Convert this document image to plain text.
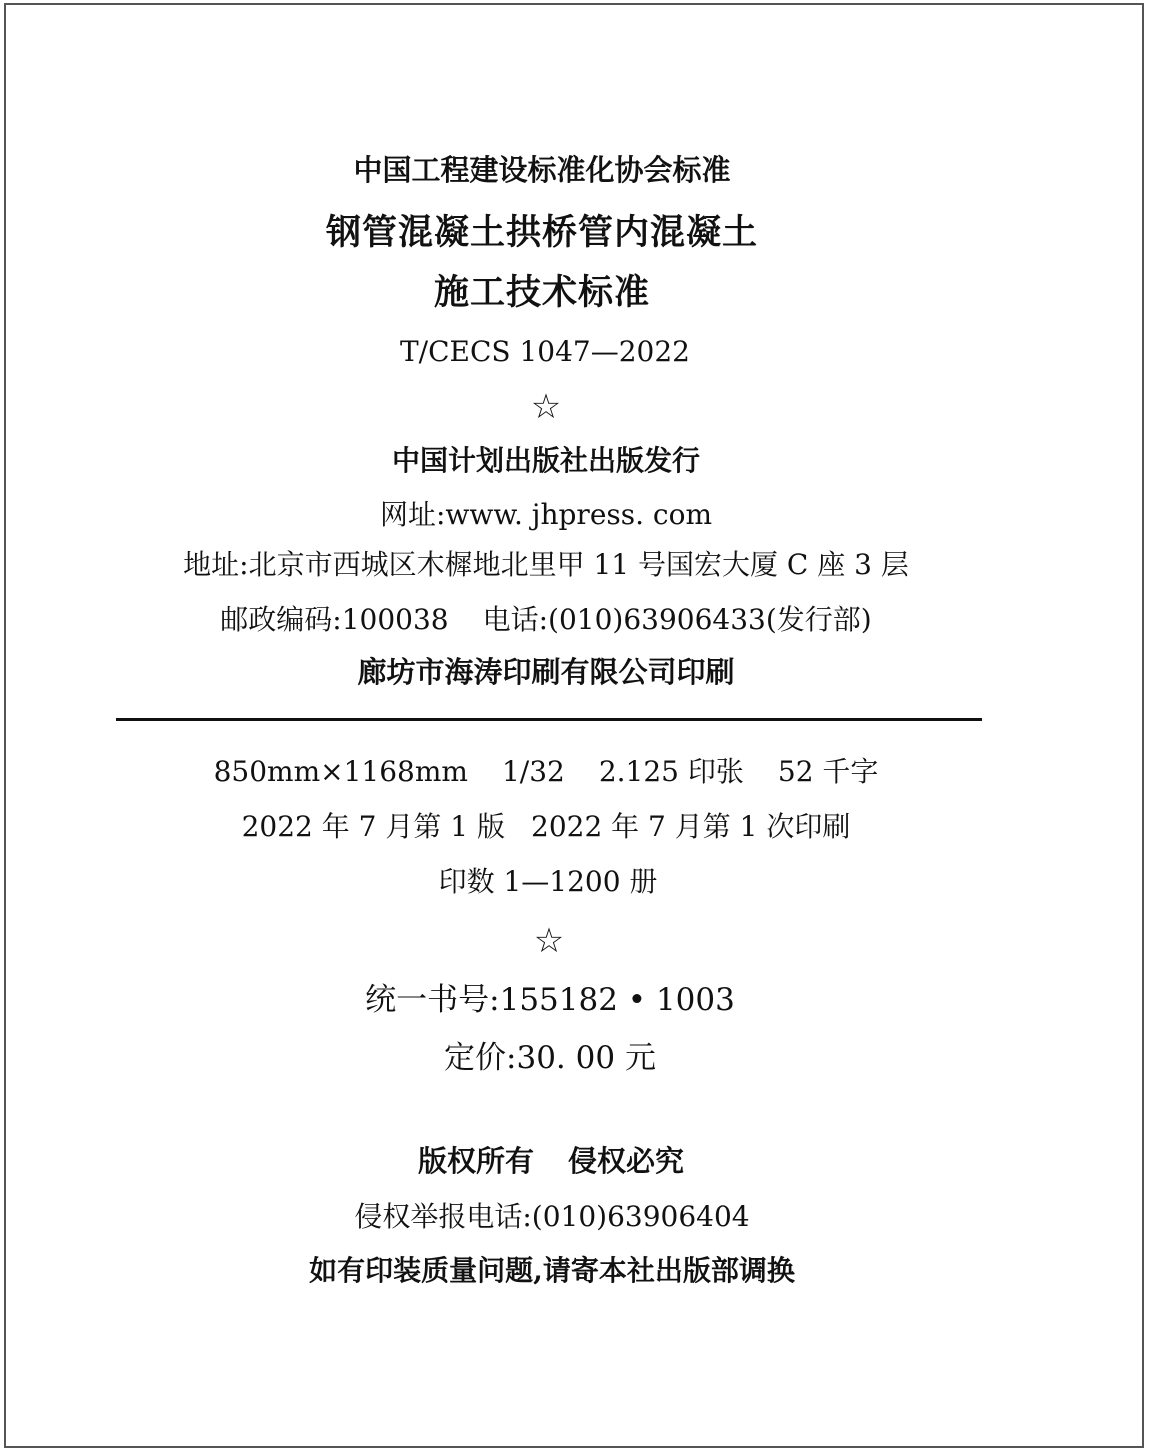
中国工程建设标准化协会标准
钢管混凝土拱桥管内混凝土
施工技术标准
T/CECS 1047—2022
☆
中国计划出版社出版发行
网址:www. jhpress. com
地址:北京市西城区木樨地北里甲 11 号国宏大厦 C 座 3 层
邮政编码:100038 电话:(010)63906433(发行部)
廊坊市海涛印刷有限公司印刷
850mm×1168mm 1/32 2.125 印张 52 千字
2022 年 7 月第 1 版 2022 年 7 月第 1 次印刷
印数 1—1200 册
☆
统一书号:155182 • 1003
定价:30. 00 元
版权所有 侵权必究
侵权举报电话:(010)63906404
如有印装质量问题,请寄本社出版部调换
